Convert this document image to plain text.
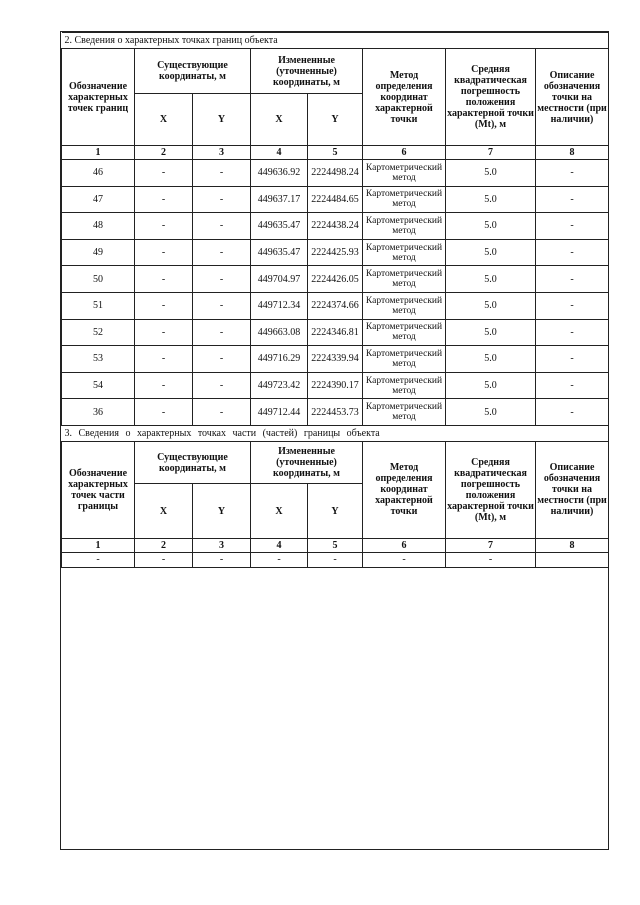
2. Сведения о характерных точках границ объекта							
Обозначение характерных точек границ	Существующие координаты, м		Измененные (уточненные) координаты, м		Метод определения координат характерной точки	Средняя квадратическая погрешность положения характерной точки (Mt), м	Описание обозначения точки на местности (при наличии)
	X	Y	X	Y			
1	2	3	4	5	6	7	8
46	-	-	449636.92	2224498.24	Картометрический метод	5.0	-
47	-	-	449637.17	2224484.65	Картометрический метод	5.0	-
48	-	-	449635.47	2224438.24	Картометрический метод	5.0	-
49	-	-	449635.47	2224425.93	Картометрический метод	5.0	-
50	-	-	449704.97	2224426.05	Картометрический метод	5.0	-
51	-	-	449712.34	2224374.66	Картометрический метод	5.0	-
52	-	-	449663.08	2224346.81	Картометрический метод	5.0	-
53	-	-	449716.29	2224339.94	Картометрический метод	5.0	-
54	-	-	449723.42	2224390.17	Картометрический метод	5.0	-
36	-	-	449712.44	2224453.73	Картометрический метод	5.0	-
3. Сведения о характерных точках части (частей) границы объекта							
Обозначение характерных точек части границы	Существующие координаты, м		Измененные (уточненные) координаты, м		Метод определения координат характерной точки	Средняя квадратическая погрешность положения характерной точки (Mt), м	Описание обозначения точки на местности (при наличии)
	X	Y	X	Y			
1	2	3	4	5	6	7	8
-	-	-	-	-	-	-	
